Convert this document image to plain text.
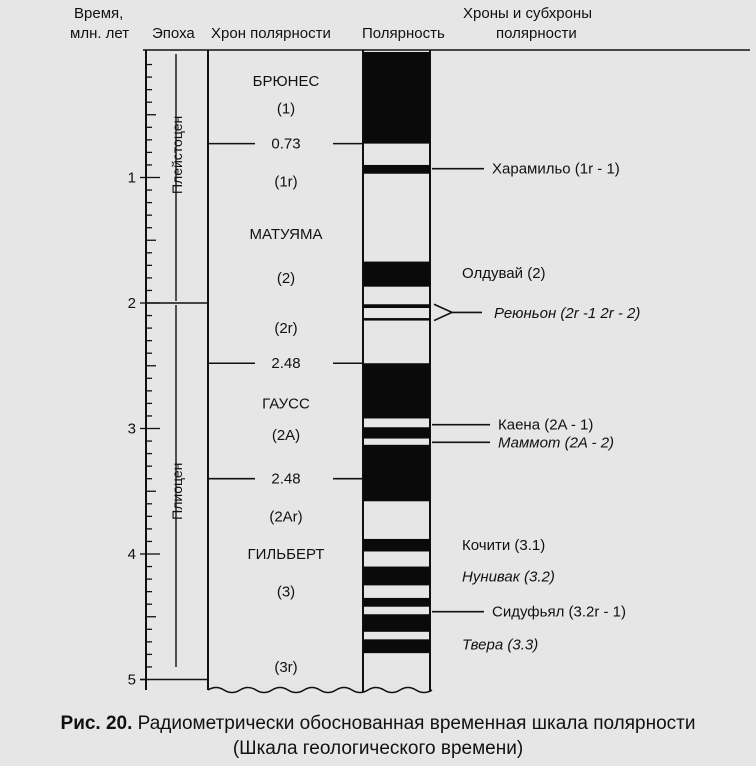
Время,
млн. лет Эпоха Хрон полярности Полярность
Хроны и субхроны
полярности
1
2
3
4
5
Плейстоцен
Плиоцен
БРЮНЕС
(1)
0.73
(1r)
МАТУЯМА
(2)
(2r)
2.48
ГАУСС
(2A)
2.48
(2Ar)
ГИЛЬБЕРТ
(3)
(3r)
Харамильо (1r - 1)
Олдувай (2)
Реюньон (2r -1 2r - 2)
Каена (2A - 1)
Маммот (2A - 2)
Кочити (3.1)
Нунивак (3.2)
Сидуфьял (3.2r - 1)
Твера (3.3)
Рис. 20. Радиометрически обоснованная временная шкала полярности
(Шкала геологического времени)
